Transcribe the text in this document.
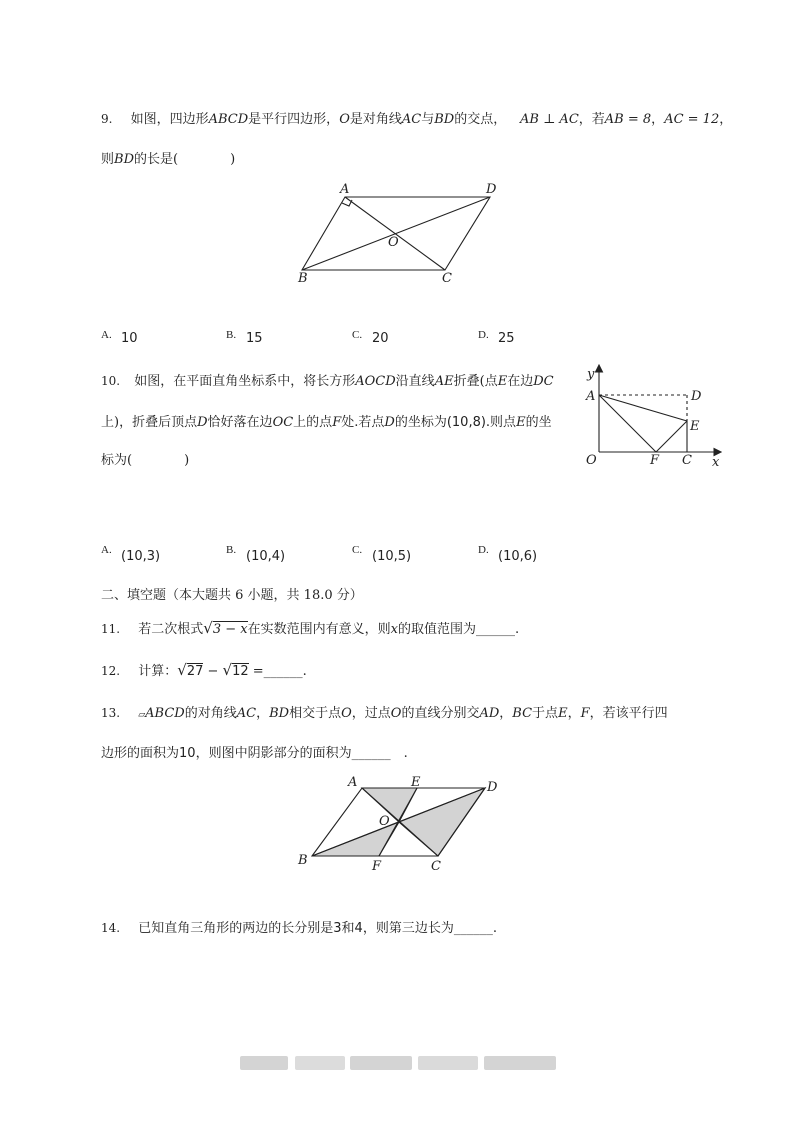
9. 如图，四边形ABCD是平行四边形，O是对角线AC与BD的交点， AB ⊥ AC，若AB = 8，AC = 12，
则BD的长是(　　　　)
A	D
O
B	C
A. 10	B. 15	C. 20	D. 25
10. 如图，在平面直角坐标系中，将长方形AOCD沿直线AE折叠(点E在边DC
上)，折叠后顶点D恰好落在边OC上的点F处.若点D的坐标为(10,8).则点E的坐
标为(　　　　)
y
A	D
E
O	F C x
A. (10,3)	B. (10,4)	C. (10,5)	D. (10,6)
二、填空题（本大题共 6 小题，共 18.0 分）
11. 若二次根式√3 − x在实数范围内有意义，则x的取值范围为______.
12. 计算：√27 − √12 =______.
13. ▱ABCD的对角线AC，BD相交于点O，过点O的直线分别交AD，BC于点E，F，若该平行四
边形的面积为10，则图中阴影部分的面积为______　.
A	E	D
O
B	F	C
14. 已知直角三角形的两边的长分别是3和4，则第三边长为______.
